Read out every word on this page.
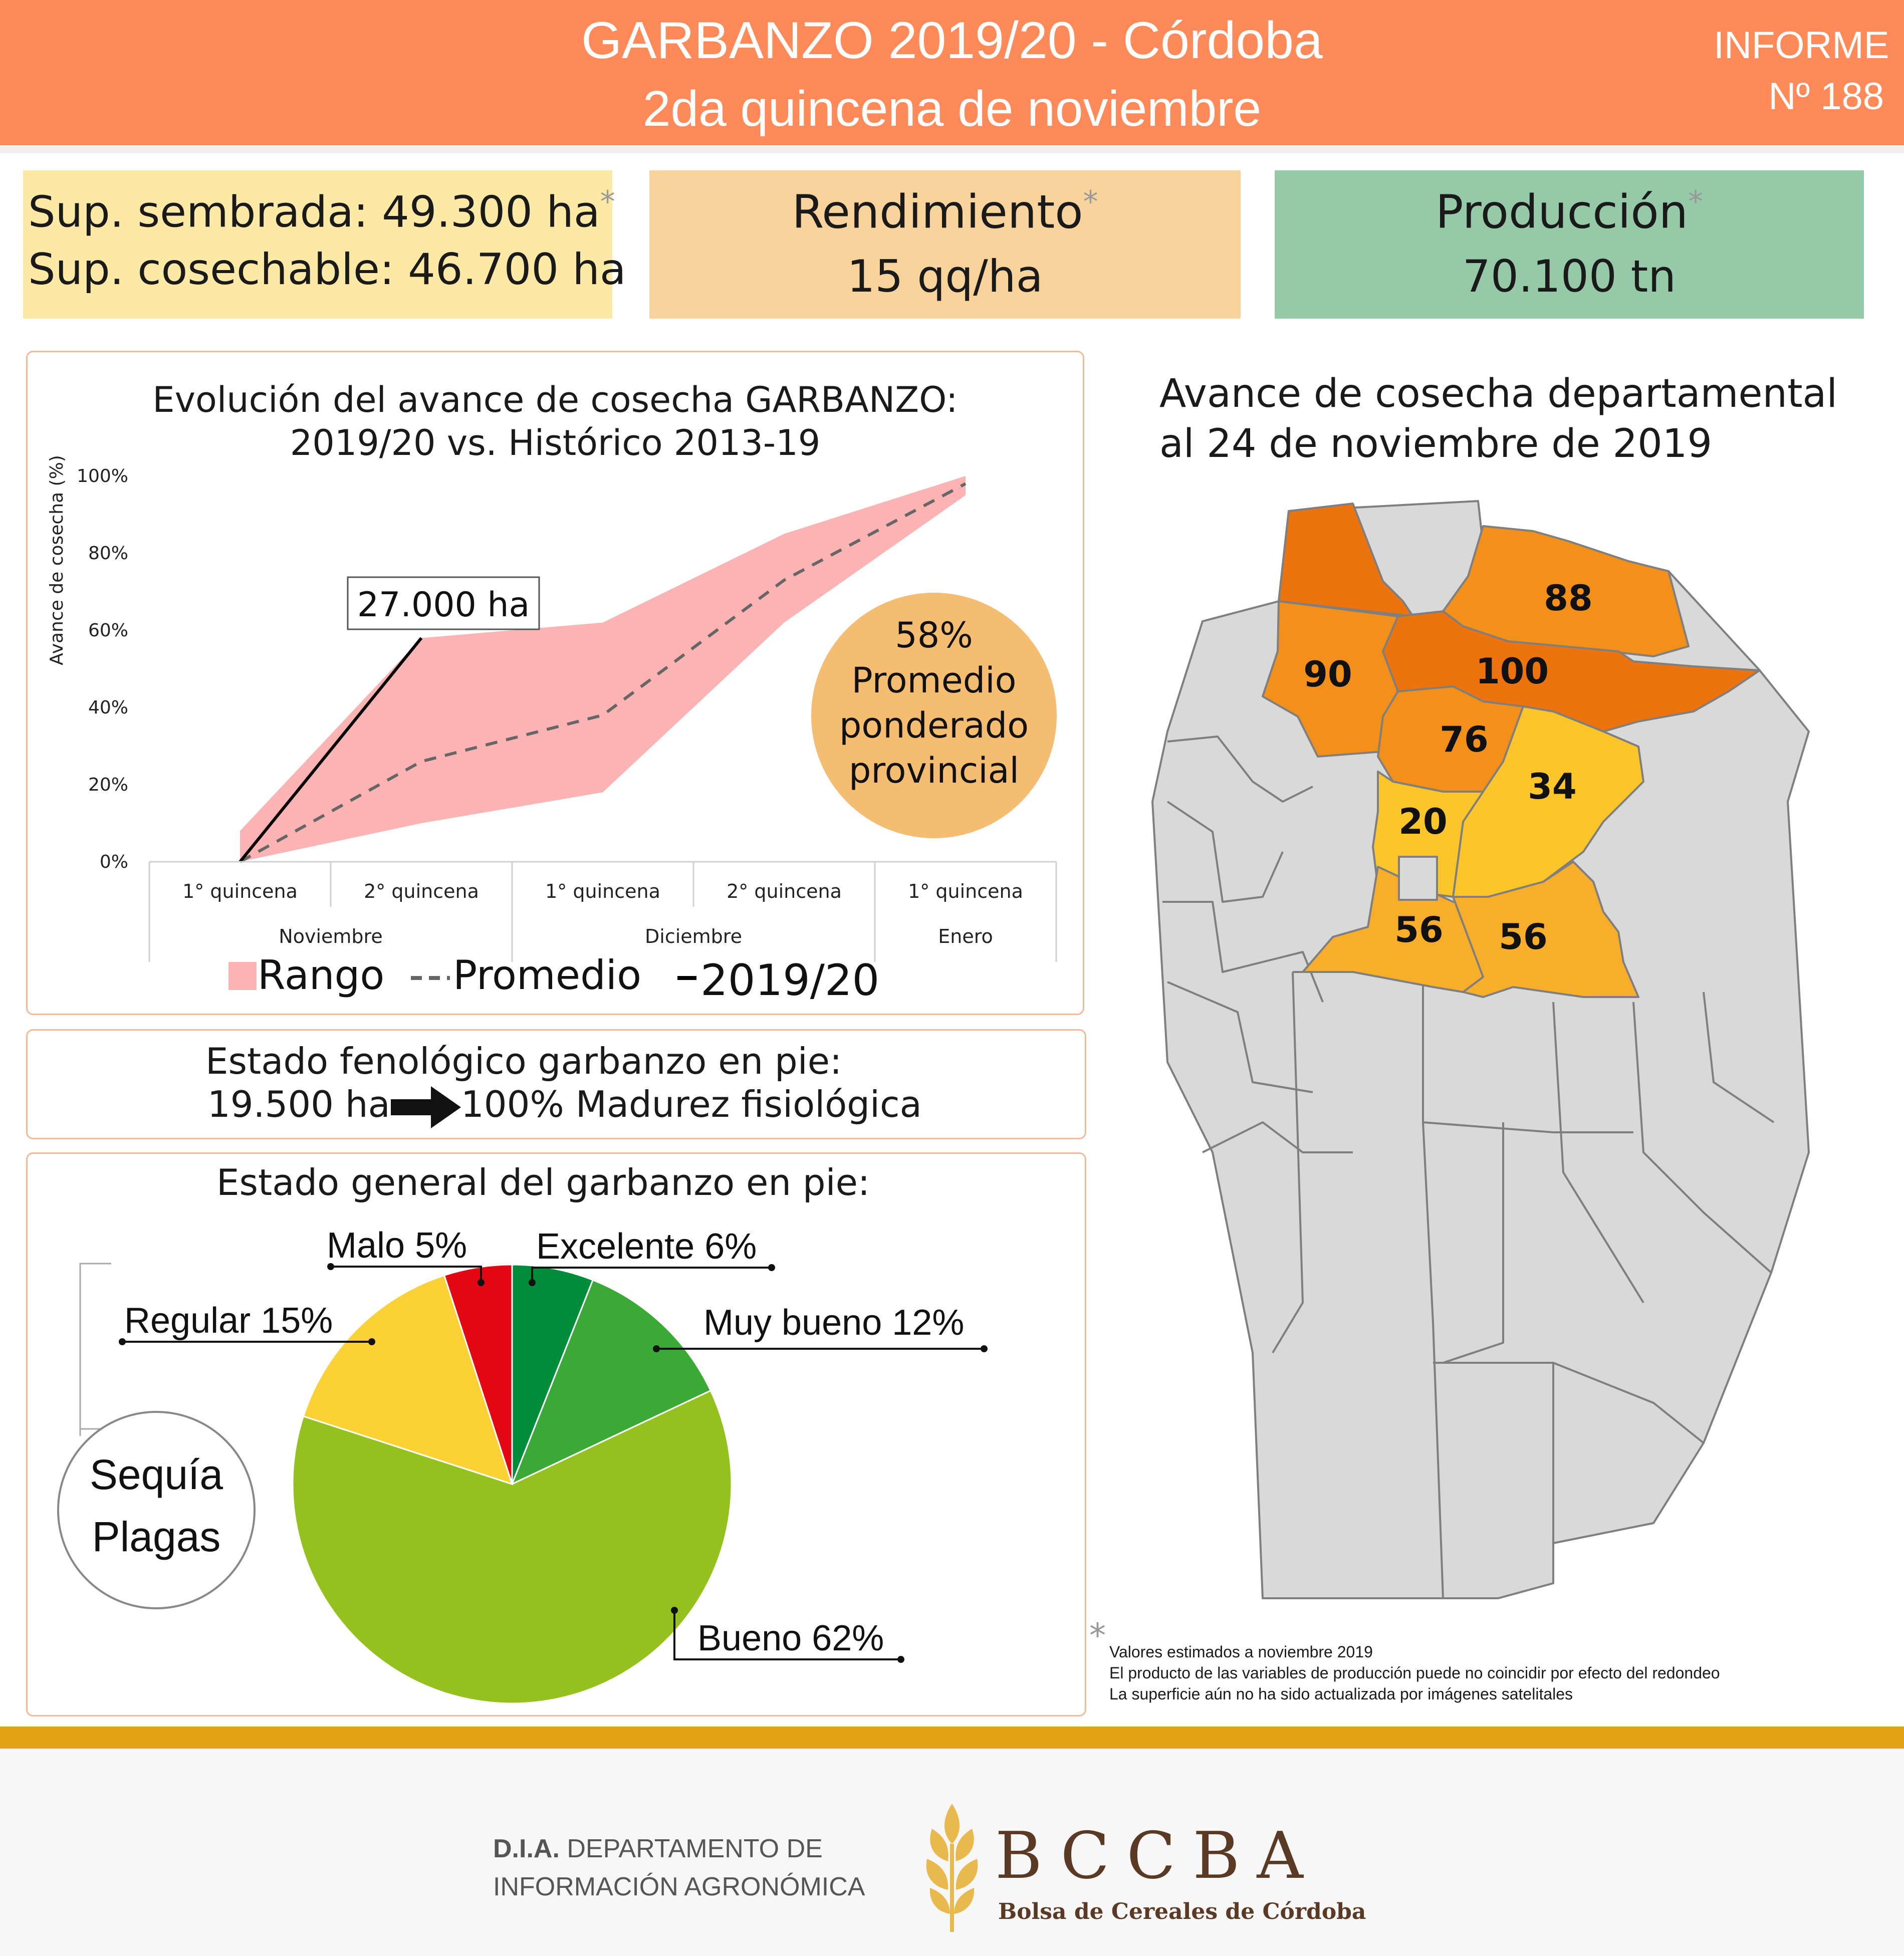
GARBANZO 2019/20 - Córdoba
2da quincena de noviembre
INFORME
Nº 188
Sup. sembrada: 49.300 ha*
Sup. cosechable: 46.700 ha
Rendimiento*
15 qq/ha
Producción*
70.100 tn
Evolución del avance de cosecha GARBANZO:
2019/20 vs. Histórico 2013-19
0%
20%
40%
60%
80%
100%
Avance de cosecha (%)
1° quincena	2° quincena	1° quincena	2° quincena	1° quincena
Noviembre	Diciembre	Enero
27.000 ha
58%
Promedio
ponderado
provincial
Rango Promedio 2019/20
Estado fenológico garbanzo en pie:
19.500 ha 100% Madurez fisiológica
Estado general del garbanzo en pie:
Excelente 6%
Muy bueno 12%
Bueno 62%
Regular 15%
Malo 5%
Sequía
Plagas
Avance de cosecha departamental
al 24 de noviembre de 2019
88
90	100
76
34
20
56 56
* Valores estimados a noviembre 2019
El producto de las variables de producción puede no coincidir por efecto del redondeo
La superficie aún no ha sido actualizada por imágenes satelitales
D.I.A. DEPARTAMENTO DE
INFORMACIÓN AGRONÓMICA BCCBA
Bolsa de Cereales de Córdoba
